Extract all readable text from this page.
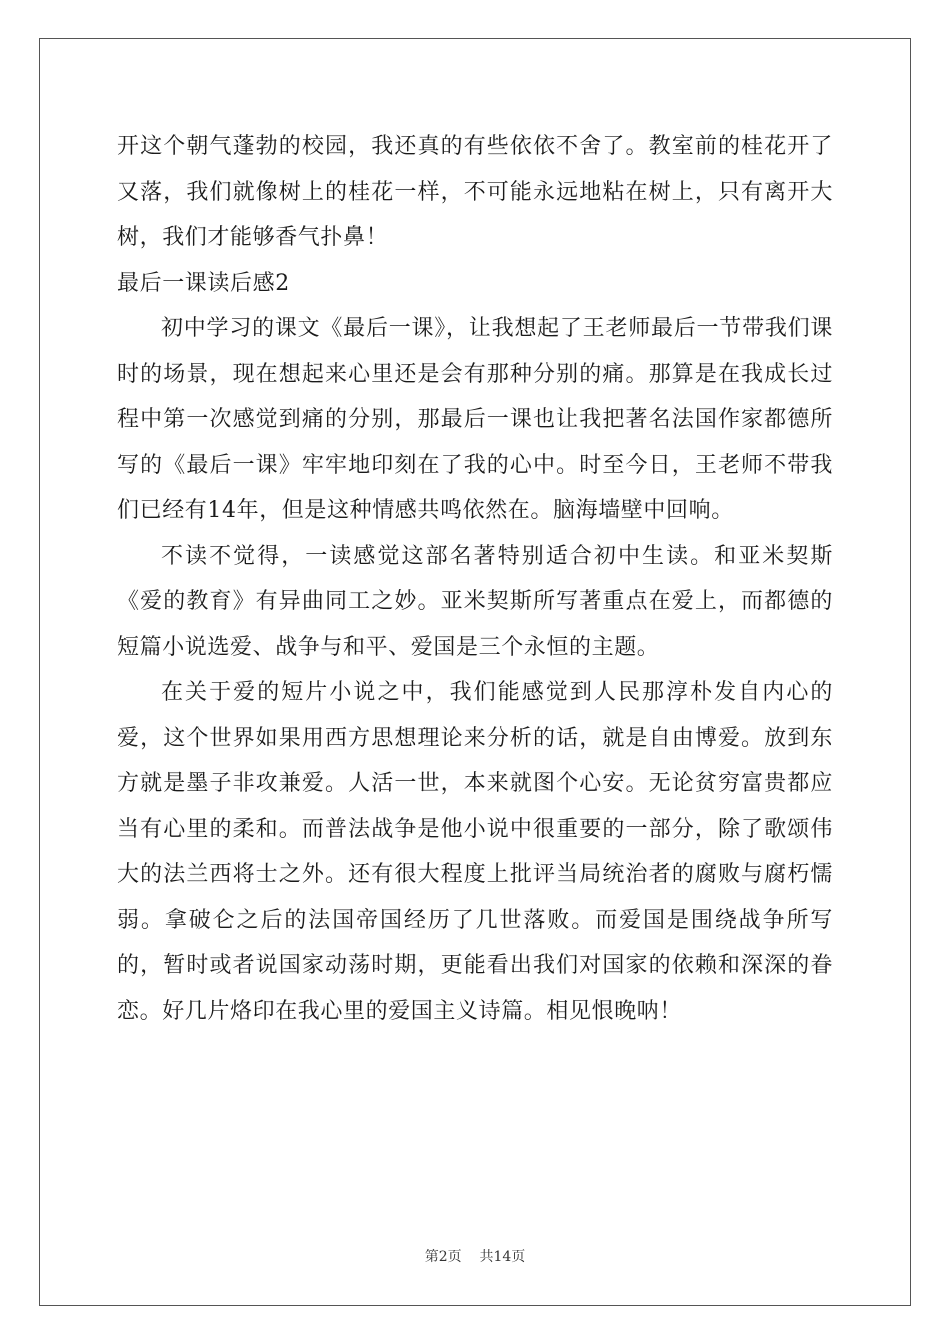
开这个朝气蓬勃的校园，我还真的有些依依不舍了。教室前的桂花开了又落，我们就像树上的桂花一样，不可能永远地粘在树上，只有离开大树，我们才能够香气扑鼻！

最后一课读后感2

初中学习的课文《最后一课》，让我想起了王老师最后一节带我们课时的场景，现在想起来心里还是会有那种分别的痛。那算是在我成长过程中第一次感觉到痛的分别，那最后一课也让我把著名法国作家都德所写的《最后一课》牢牢地印刻在了我的心中。时至今日，王老师不带我们已经有14年，但是这种情感共鸣依然在。脑海墙壁中回响。

不读不觉得，一读感觉这部名著特别适合初中生读。和亚米契斯《爱的教育》有异曲同工之妙。亚米契斯所写著重点在爱上，而都德的短篇小说选爱、战争与和平、爱国是三个永恒的主题。

在关于爱的短片小说之中，我们能感觉到人民那淳朴发自内心的爱，这个世界如果用西方思想理论来分析的话，就是自由博爱。放到东方就是墨子非攻兼爱。人活一世，本来就图个心安。无论贫穷富贵都应当有心里的柔和。而普法战争是他小说中很重要的一部分，除了歌颂伟大的法兰西将士之外。还有很大程度上批评当局统治者的腐败与腐朽懦弱。拿破仑之后的法国帝国经历了几世落败。而爱国是围绕战争所写的，暂时或者说国家动荡时期，更能看出我们对国家的依赖和深深的眷恋。好几片烙印在我心里的爱国主义诗篇。相见恨晚呐！

第2页 共14页
